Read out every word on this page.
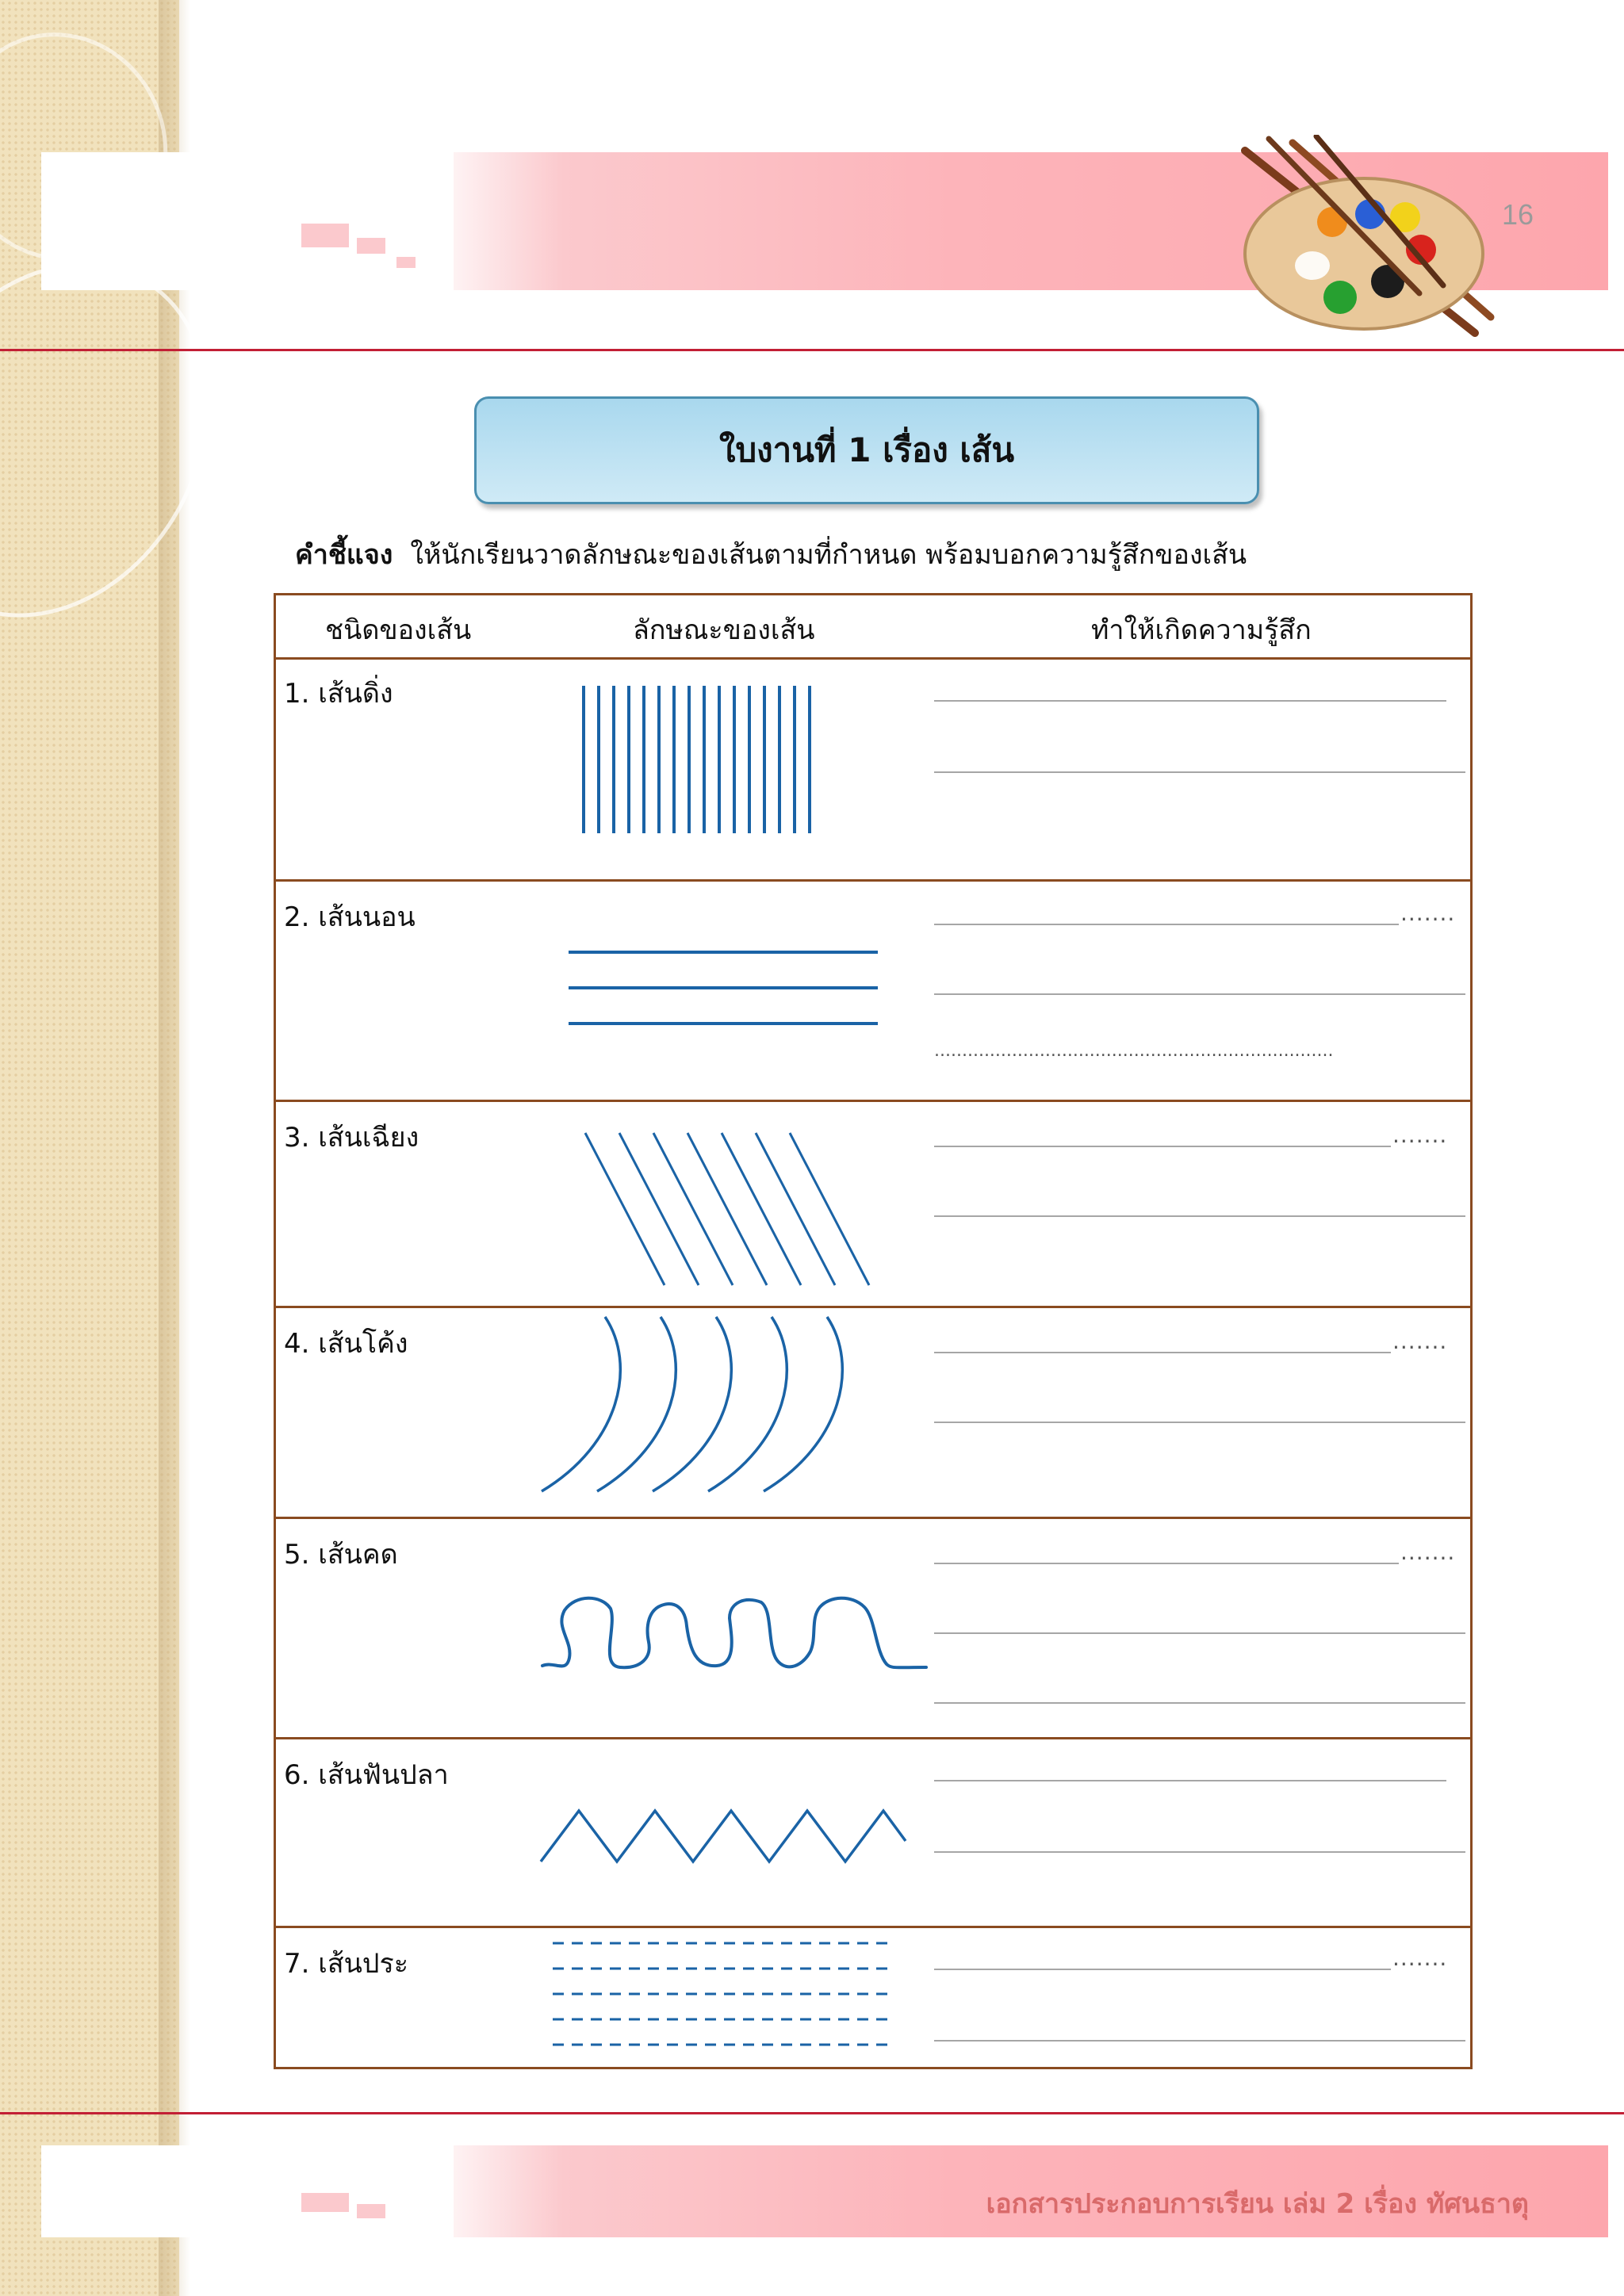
16
ใบงานที่ 1 เรื่อง เส้น
คำชี้แจง ให้นักเรียนวาดลักษณะของเส้นตามที่กำหนด พร้อมบอกความรู้สึกของเส้น
ชนิดของเส้น	ลักษณะของเส้น	ทำให้เกิดความรู้สึก
1. เส้นดิ่ง
2. เส้นนอน
3. เส้นเฉียง
4. เส้นโค้ง
5. เส้นคด
6. เส้นฟันปลา
7. เส้นประ
.......
........................................................................
.......
.......
.......
.......
เอกสารประกอบการเรียน เล่ม 2 เรื่อง ทัศนธาตุ
